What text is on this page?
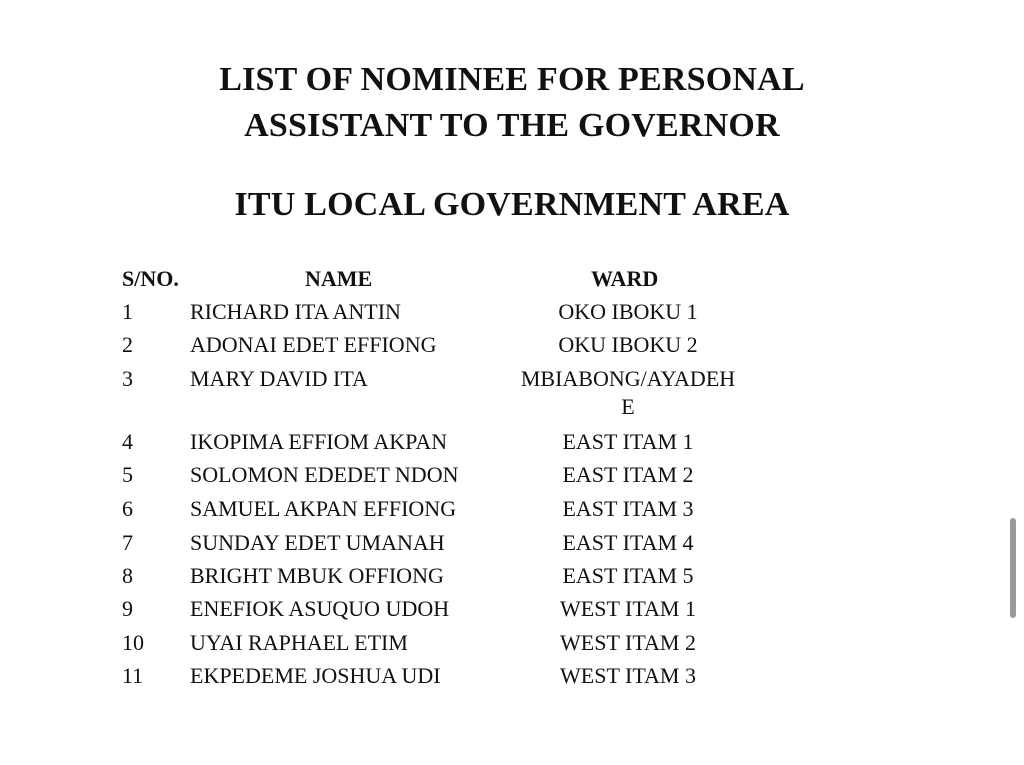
LIST OF NOMINEE FOR PERSONAL
ASSISTANT TO THE GOVERNOR
ITU LOCAL GOVERNMENT AREA
S/NO.	NAME	WARD
1	RICHARD ITA ANTIN	OKO IBOKU 1
2	ADONAI EDET EFFIONG	OKU IBOKU 2
3	MARY DAVID ITA	MBIABONG/AYADEH
E
4	IKOPIMA EFFIOM AKPAN	EAST ITAM 1
5	SOLOMON EDEDET NDON	EAST ITAM 2
6	SAMUEL AKPAN EFFIONG	EAST ITAM 3
7	SUNDAY EDET UMANAH	EAST ITAM 4
8	BRIGHT MBUK OFFIONG	EAST ITAM 5
9	ENEFIOK ASUQUO UDOH	WEST ITAM 1
10 UYAI RAPHAEL ETIM	WEST ITAM 2
11 EKPEDEME JOSHUA UDI	WEST ITAM 3
